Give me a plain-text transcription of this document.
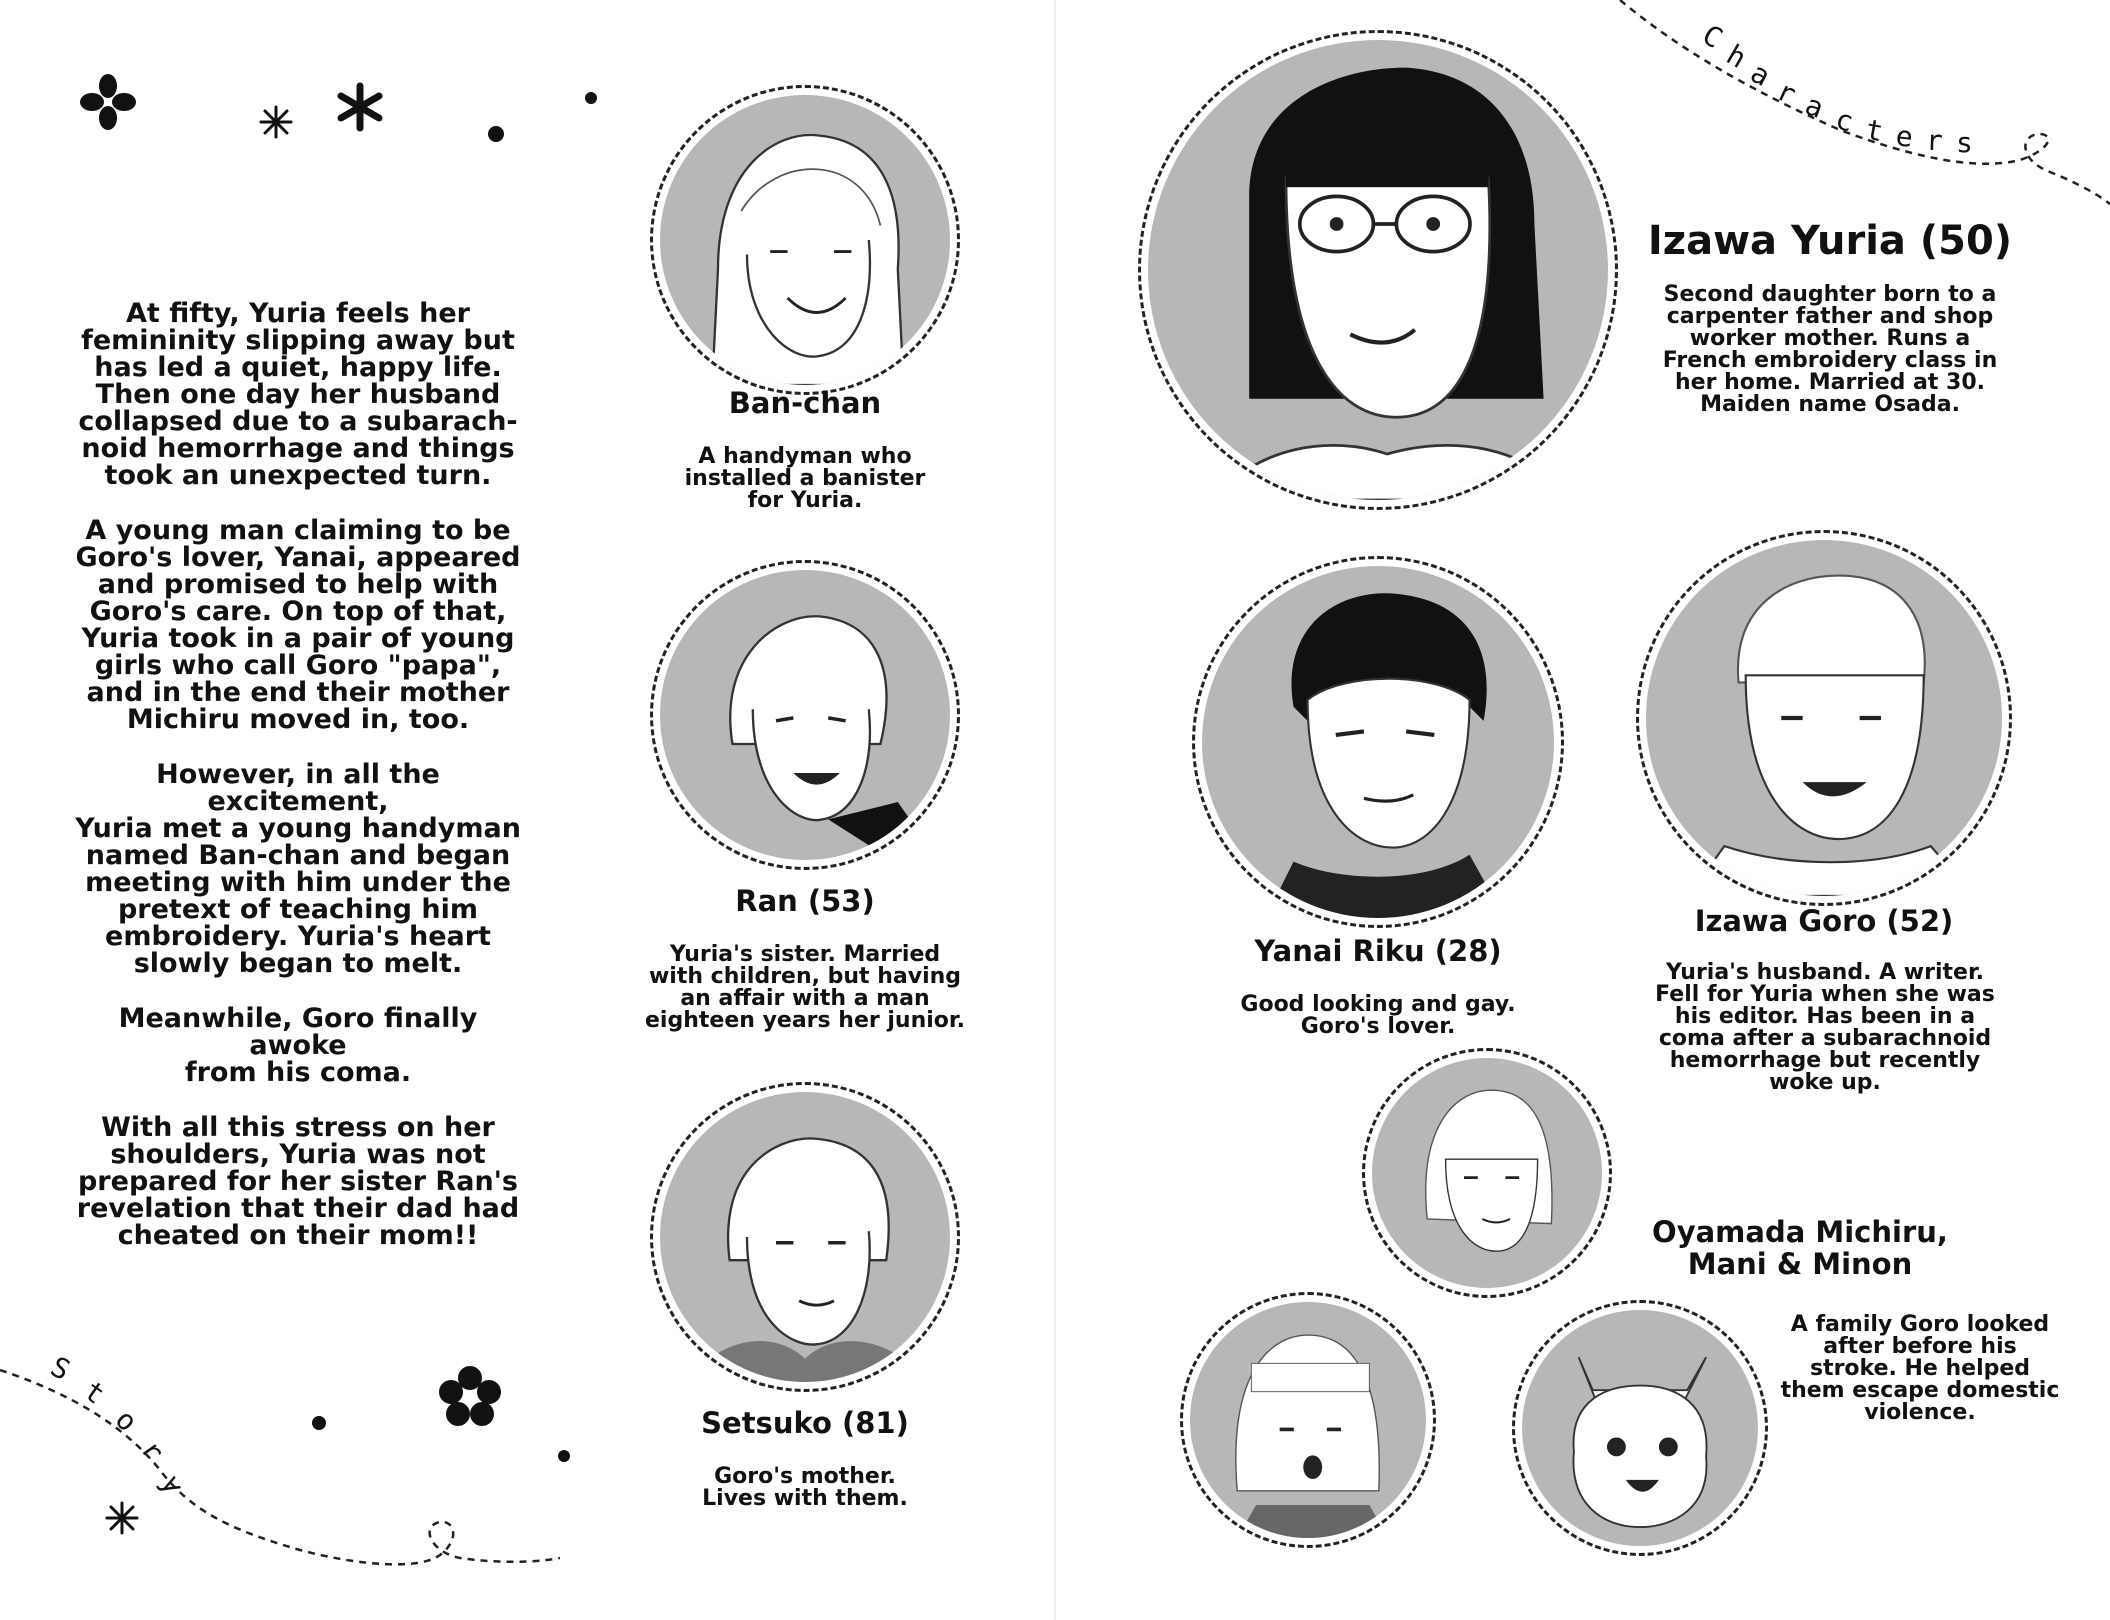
At fifty, Yuria feels her
femininity slipping away but
has led a quiet, happy life.
Then one day her husband
collapsed due to a subarach-
noid hemorrhage and things
took an unexpected turn.

A young man claiming to be
Goro's lover, Yanai, appeared
and promised to help with
Goro's care. On top of that,
Yuria took in a pair of young
girls who call Goro "papa",
and in the end their mother
Michiru moved in, too.

However, in all the excitement,
Yuria met a young handyman
named Ban-chan and began
meeting with him under the
pretext of teaching him
embroidery. Yuria's heart
slowly began to melt.

Meanwhile, Goro finally awoke
from his coma.

With all this stress on her
shoulders, Yuria was not
prepared for her sister Ran's
revelation that their dad had
cheated on their mom!!

S
t
o
r
y
Ban-chan
A handyman who
installed a banister
for Yuria.
Ran (53)
Yuria's sister. Married
with children, but having
an affair with a man
eighteen years her junior.
Setsuko (81)
Goro's mother.
Lives with them.
C
h
a
r a c t e r s
Izawa Yuria (50)
Second daughter born to a
carpenter father and shop
worker mother. Runs a
French embroidery class in
her home. Married at 30.
Maiden name Osada.
Yanai Riku (28)
Good looking and gay.
Goro's lover.
Izawa Goro (52)
Yuria's husband. A writer.
Fell for Yuria when she was
his editor. Has been in a
coma after a subarachnoid
hemorrhage but recently
woke up.
Oyamada Michiru,
Mani & Minon
A family Goro looked
after before his
stroke. He helped
them escape domestic
violence.
